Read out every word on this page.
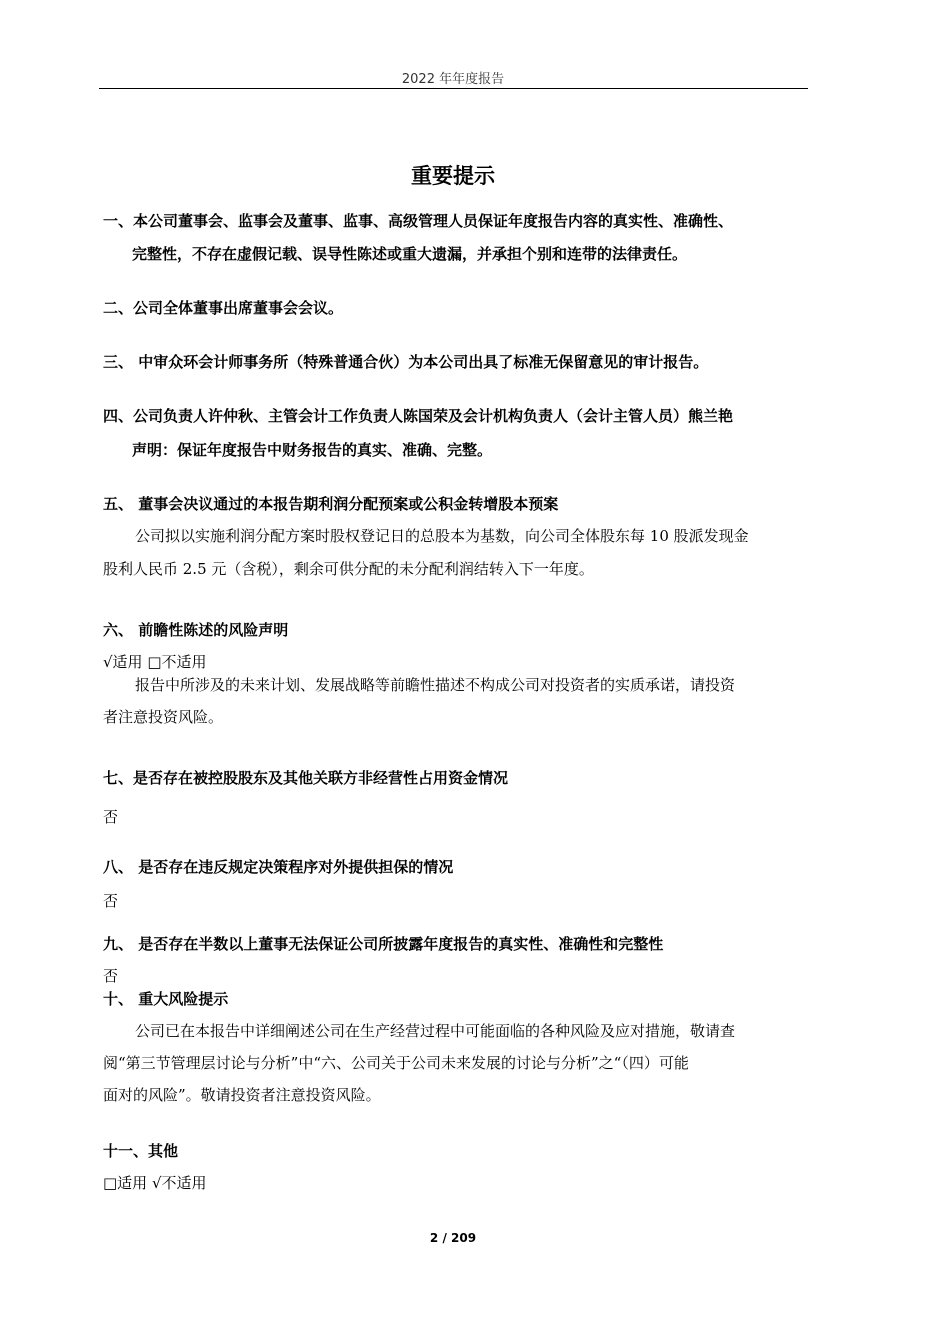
2022 年年度报告
重要提示
一、本公司董事会、监事会及董事、监事、高级管理人员保证年度报告内容的真实性、准确性、
完整性，不存在虚假记载、误导性陈述或重大遗漏，并承担个别和连带的法律责任。
二、公司全体董事出席董事会会议。
三、 中审众环会计师事务所（特殊普通合伙）为本公司出具了标准无保留意见的审计报告。
四、公司负责人许仲秋、主管会计工作负责人陈国荣及会计机构负责人（会计主管人员）熊兰艳
声明：保证年度报告中财务报告的真实、准确、完整。
五、 董事会决议通过的本报告期利润分配预案或公积金转增股本预案
公司拟以实施利润分配方案时股权登记日的总股本为基数，向公司全体股东每 10 股派发现金
股利人民币 2.5 元（含税），剩余可供分配的未分配利润结转入下一年度。
六、 前瞻性陈述的风险声明
√适用 □不适用
报告中所涉及的未来计划、发展战略等前瞻性描述不构成公司对投资者的实质承诺，请投资
者注意投资风险。
七、是否存在被控股股东及其他关联方非经营性占用资金情况
否
八、 是否存在违反规定决策程序对外提供担保的情况
否
九、 是否存在半数以上董事无法保证公司所披露年度报告的真实性、准确性和完整性
否
十、 重大风险提示
公司已在本报告中详细阐述公司在生产经营过程中可能面临的各种风险及应对措施，敬请查
阅“第三节管理层讨论与分析”中“六、公司关于公司未来发展的讨论与分析”之“（四）可能
面对的风险”。敬请投资者注意投资风险。
十一、其他
□适用 √不适用
2 / 209
